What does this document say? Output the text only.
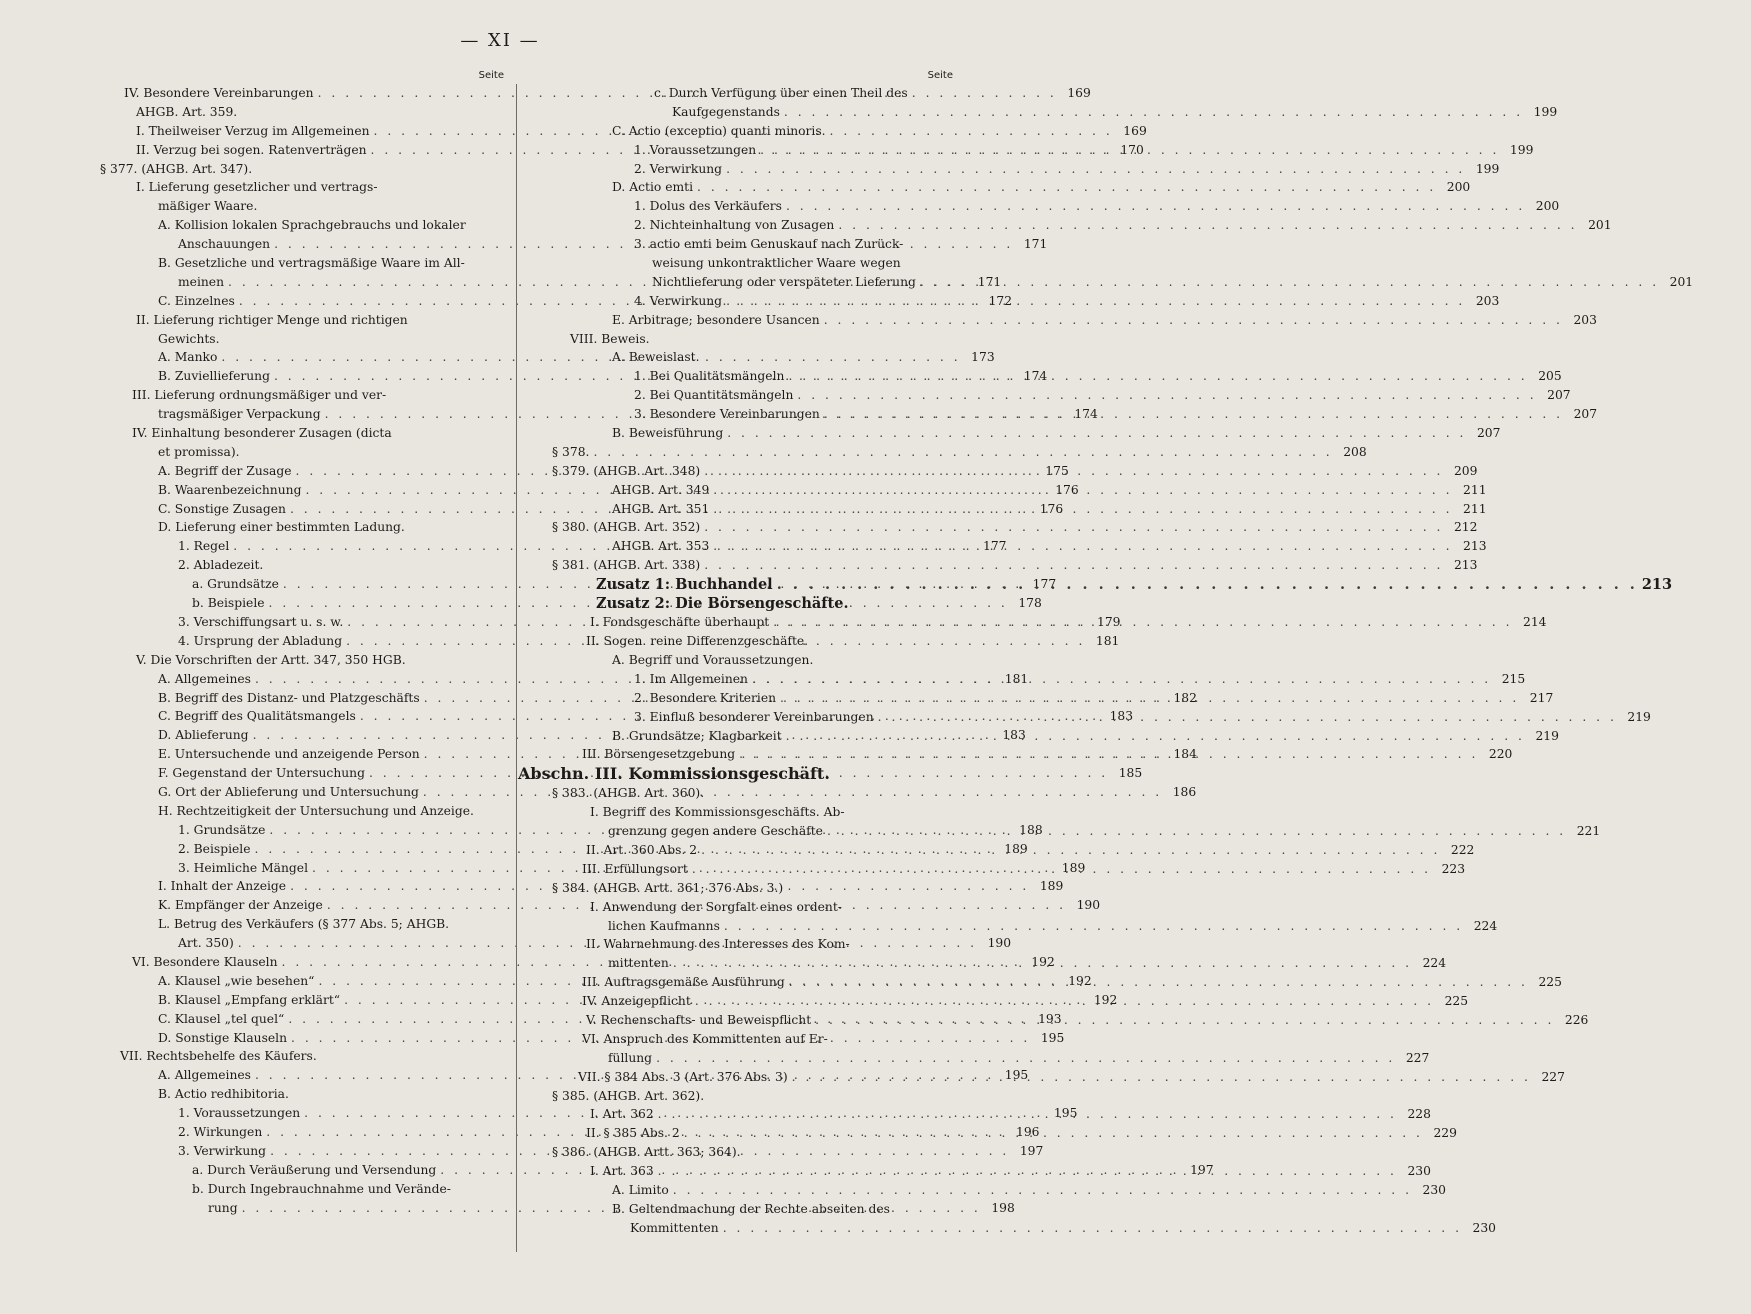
— XI —
Seite
IV. Besondere Vereinbarungen . . .	169
AHGB. Art. 359.
I. Theilweiser Verzug im Allgemeinen . . .	169
II. Verzug bei sogen. Ratenverträgen . . .	170
§ 377. (AHGB. Art. 347).
I. Lieferung gesetzlicher und vertrags-
mäßiger Waare.
A. Kollision lokalen Sprachgebrauchs und lokaler
Anschauungen . . .	171
B. Gesetzliche und vertragsmäßige Waare im All-
meinen . . .	171
C. Einzelnes . . .	172
II. Lieferung richtiger Menge und richtigen
Gewichts.
A. Manko . . .	173
B. Zuviellieferung . . .	174
III. Lieferung ordnungsmäßiger und ver-
tragsmäßiger Verpackung . . .	174
IV. Einhaltung besonderer Zusagen (dicta
et promissa).
A. Begriff der Zusage . . .	175
B. Waarenbezeichnung . . .	176
C. Sonstige Zusagen . . .	176
D. Lieferung einer bestimmten Ladung.
1. Regel . . .	177
2. Abladezeit.
a. Grundsätze . . .	177
b. Beispiele . . .	178
3. Verschiffungsart u. s. w. . . .	179
4. Ursprung der Abladung . . .	181
V. Die Vorschriften der Artt. 347, 350 HGB.
A. Allgemeines . . .	181
B. Begriff des Distanz- und Platzgeschäfts . . .	182
C. Begriff des Qualitätsmangels . . .	183
D. Ablieferung . . .	183
E. Untersuchende und anzeigende Person . . .	184
F. Gegenstand der Untersuchung . . .	185
G. Ort der Ablieferung und Untersuchung . . .	186
H. Rechtzeitigkeit der Untersuchung und Anzeige.
1. Grundsätze . . .	188
2. Beispiele . . .	189
3. Heimliche Mängel . . .	189
I. Inhalt der Anzeige . . .	189
K. Empfänger der Anzeige . . .	190
L. Betrug des Verkäufers (§ 377 Abs. 5; AHGB.
Art. 350) . . .	190
VI. Besondere Klauseln . . .	192
A. Klausel „wie besehen“ . . .	192
B. Klausel „Empfang erklärt“ . . .	192
C. Klausel „tel quel“ . . .	193
D. Sonstige Klauseln . . .	195
VII. Rechtsbehelfe des Käufers.
A. Allgemeines . . .	195
B. Actio redhibitoria.
1. Voraussetzungen . . .	195
2. Wirkungen . . .	196
3. Verwirkung . . .	197
a. Durch Veräußerung und Versendung . . .	197
b. Durch Ingebrauchnahme und Verände-
rung . . .	198
Seite
c. Durch Verfügung über einen Theil des
Kaufgegenstands . . .	199
C. Actio (exceptio) quanti minoris.
1. Voraussetzungen . . .	199
2. Verwirkung . . .	199
D. Actio emti . . .	200
1. Dolus des Verkäufers . . .	200
2. Nichteinhaltung von Zusagen . . .	201
3. actio emti beim Genuskauf nach Zurück-
weisung unkontraktlicher Waare wegen
Nichtlieferung oder verspäteter Lieferung . . .	201
4. Verwirkung . . .	203
E. Arbitrage; besondere Usancen . . .	203
VIII. Beweis.
A. Beweislast.
1. Bei Qualitätsmängeln . . .	205
2. Bei Quantitätsmängeln . . .	207
3. Besondere Vereinbarungen . . .	207
B. Beweisführung . . .	207
§ 378. . . .	208
§ 379. (AHGB. Art. 348) . . .	209
AHGB. Art. 349 . . .	211
AHGB. Art. 351 . . .	211
§ 380. (AHGB. Art. 352) . . .	212
AHGB. Art. 353 . . .	213
§ 381. (AHGB. Art. 338) . . .	213
Zusatz 1: Buchhandel . . .	213
Zusatz 2: Die Börsengeschäfte.
I. Fondsgeschäfte überhaupt . . .	214
II. Sogen. reine Differenzgeschäfte.
A. Begriff und Voraussetzungen.
1. Im Allgemeinen . . .	215
2. Besondere Kriterien . . .	217
3. Einfluß besonderer Vereinbarungen . . .	219
B. Grundsätze; Klagbarkeit . . .	219
III. Börsengesetzgebung . . .	220
Abschn. III. Kommissionsgeschäft.
§ 383. (AHGB. Art. 360).
I. Begriff des Kommissionsgeschäfts. Ab-
grenzung gegen andere Geschäfte . . .	221
II. Art. 360 Abs. 2 . . .	222
III. Erfüllungsort . . .	223
§ 384. (AHGB. Artt. 361; 376 Abs. 3.)
I. Anwendung der Sorgfalt eines ordent-
lichen Kaufmanns . . .	224
II. Wahrnehmung des Interesses des Kom-
mittenten . . .	224
III. Auftragsgemäße Ausführung . . .	225
IV. Anzeigepflicht . . .	225
V. Rechenschafts- und Beweispflicht . . .	226
VI. Anspruch des Kommittenten auf Er-
füllung . . .	227
VII. § 384 Abs. 3 (Art. 376 Abs. 3) . . .	227
§ 385. (AHGB. Art. 362).
I. Art. 362 . . .	228
II. § 385 Abs. 2 . . .	229
§ 386. (AHGB. Artt. 363; 364).
I. Art. 363 . . .	230
A. Limito . . .	230
B. Geltendmachung der Rechte abseiten des
Kommittenten . . .	230
